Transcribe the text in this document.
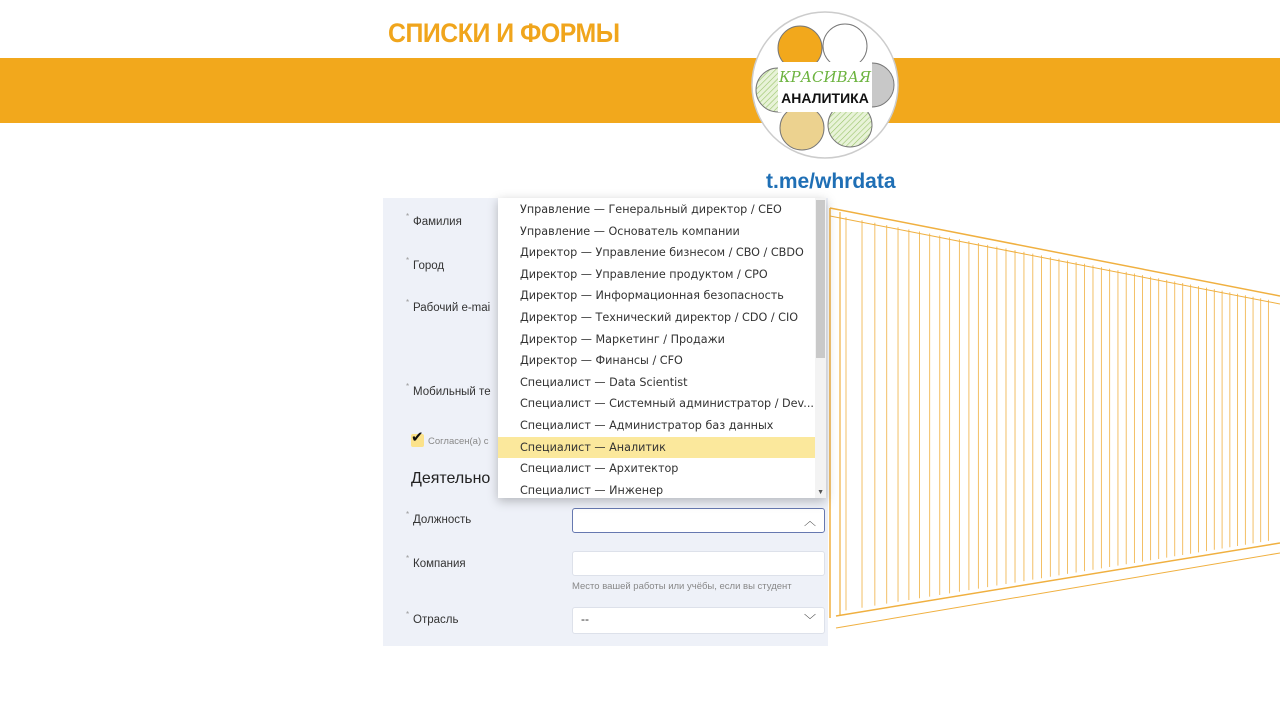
СПИСКИ И ФОРМЫ
КРАСИВАЯ
АНАЛИТИКА
t.me/whrdata
* Фамилия
* Город
* Рабочий e-mai
* Мобильный те
✔ Согласен(а) с
Деятельно
* Должность	︿
* Компания
Место вашей работы или учёбы, если вы студент
* Отрасль	--	﹀
▼
Управление — Генеральный директор / CEO
Управление — Основатель компании
Директор — Управление бизнесом / CBO / CBDO
Директор — Управление продуктом / CPO
Директор — Информационная безопасность
Директор — Технический директор / CDO / CIO
Директор — Маркетинг / Продажи
Директор — Финансы / CFO
Специалист — Data Scientist
Специалист — Системный администратор / Dev...
Специалист — Администратор баз данных
Специалист — Аналитик
Специалист — Архитектор
Специалист — Инженер
